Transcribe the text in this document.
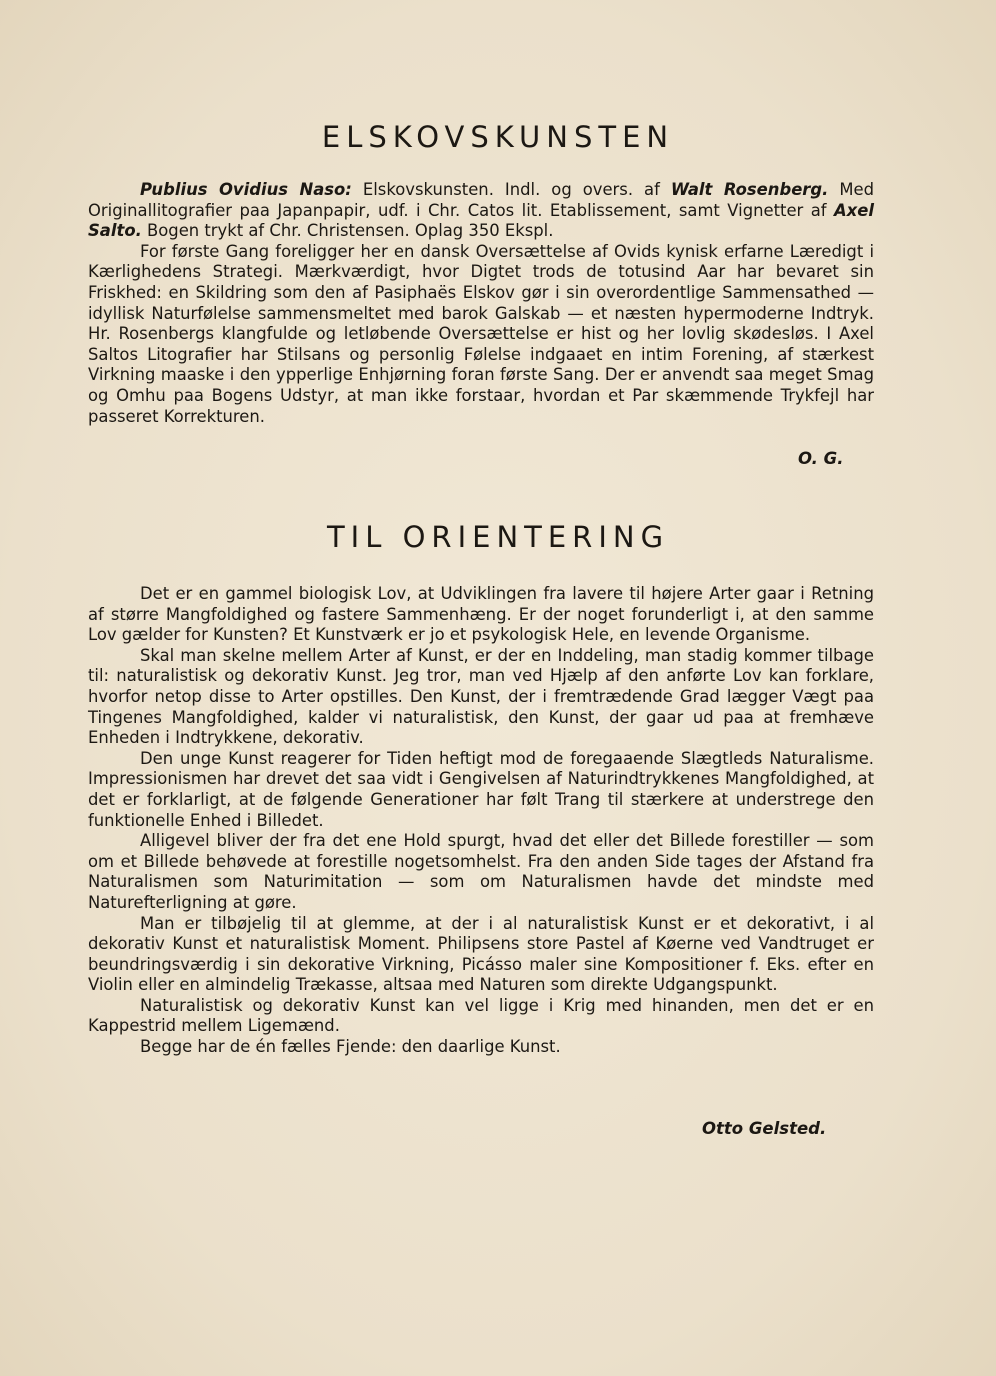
ELSKOVSKUNSTEN

Publius Ovidius Naso: Elskovskunsten. Indl. og overs. af Walt Rosenberg. Med Originallitografier paa Japanpapir, udf. i Chr. Catos lit. Etablissement, samt Vignetter af Axel Salto. Bogen trykt af Chr. Christensen. Oplag 350 Ekspl.

For første Gang foreligger her en dansk Oversættelse af Ovids kynisk erfarne Læredigt i Kærlighedens Strategi. Mærkværdigt, hvor Digtet trods de totusind Aar har bevaret sin Friskhed: en Skildring som den af Pasiphaës Elskov gør i sin overordentlige Sammensathed — idyllisk Naturfølelse sammensmeltet med barok Galskab — et næsten hypermoderne Indtryk. Hr. Rosenbergs klangfulde og letløbende Oversættelse er hist og her lovlig skødesløs. I Axel Saltos Litografier har Stilsans og personlig Følelse indgaaet en intim Forening, af stærkest Virkning maaske i den ypperlige Enhjørning foran første Sang. Der er anvendt saa meget Smag og Omhu paa Bogens Udstyr, at man ikke forstaar, hvordan et Par skæmmende Trykfejl har passeret Korrekturen.

O. G.
TIL ORIENTERING

Det er en gammel biologisk Lov, at Udviklingen fra lavere til højere Arter gaar i Retning af større Mangfoldighed og fastere Sammenhæng. Er der noget forunderligt i, at den samme Lov gælder for Kunsten? Et Kunstværk er jo et psykologisk Hele, en levende Organisme.

Skal man skelne mellem Arter af Kunst, er der en Inddeling, man stadig kommer tilbage til: naturalistisk og dekorativ Kunst. Jeg tror, man ved Hjælp af den anførte Lov kan forklare, hvorfor netop disse to Arter opstilles. Den Kunst, der i fremtrædende Grad lægger Vægt paa Tingenes Mangfoldighed, kalder vi naturalistisk, den Kunst, der gaar ud paa at fremhæve Enheden i Indtrykkene, dekorativ.

Den unge Kunst reagerer for Tiden heftigt mod de foregaaende Slægtleds Naturalisme. Impressionismen har drevet det saa vidt i Gengivelsen af Naturindtrykkenes Mangfoldighed, at det er forklarligt, at de følgende Generationer har følt Trang til stærkere at understrege den funktionelle Enhed i Billedet.

Alligevel bliver der fra det ene Hold spurgt, hvad det eller det Billede forestiller — som om et Billede behøvede at forestille nogetsomhelst. Fra den anden Side tages der Afstand fra Naturalismen som Naturimitation — som om Naturalismen havde det mindste med Naturefterligning at gøre.

Man er tilbøjelig til at glemme, at der i al naturalistisk Kunst er et dekorativt, i al dekorativ Kunst et naturalistisk Moment. Philipsens store Pastel af Køerne ved Vandtruget er beundringsværdig i sin dekorative Virkning, Picásso maler sine Kompositioner f. Eks. efter en Violin eller en almindelig Trækasse, altsaa med Naturen som direkte Udgangspunkt.

Naturalistisk og dekorativ Kunst kan vel ligge i Krig med hinanden, men det er en Kappestrid mellem Ligemænd.

Begge har de én fælles Fjende: den daarlige Kunst.

Otto Gelsted.
